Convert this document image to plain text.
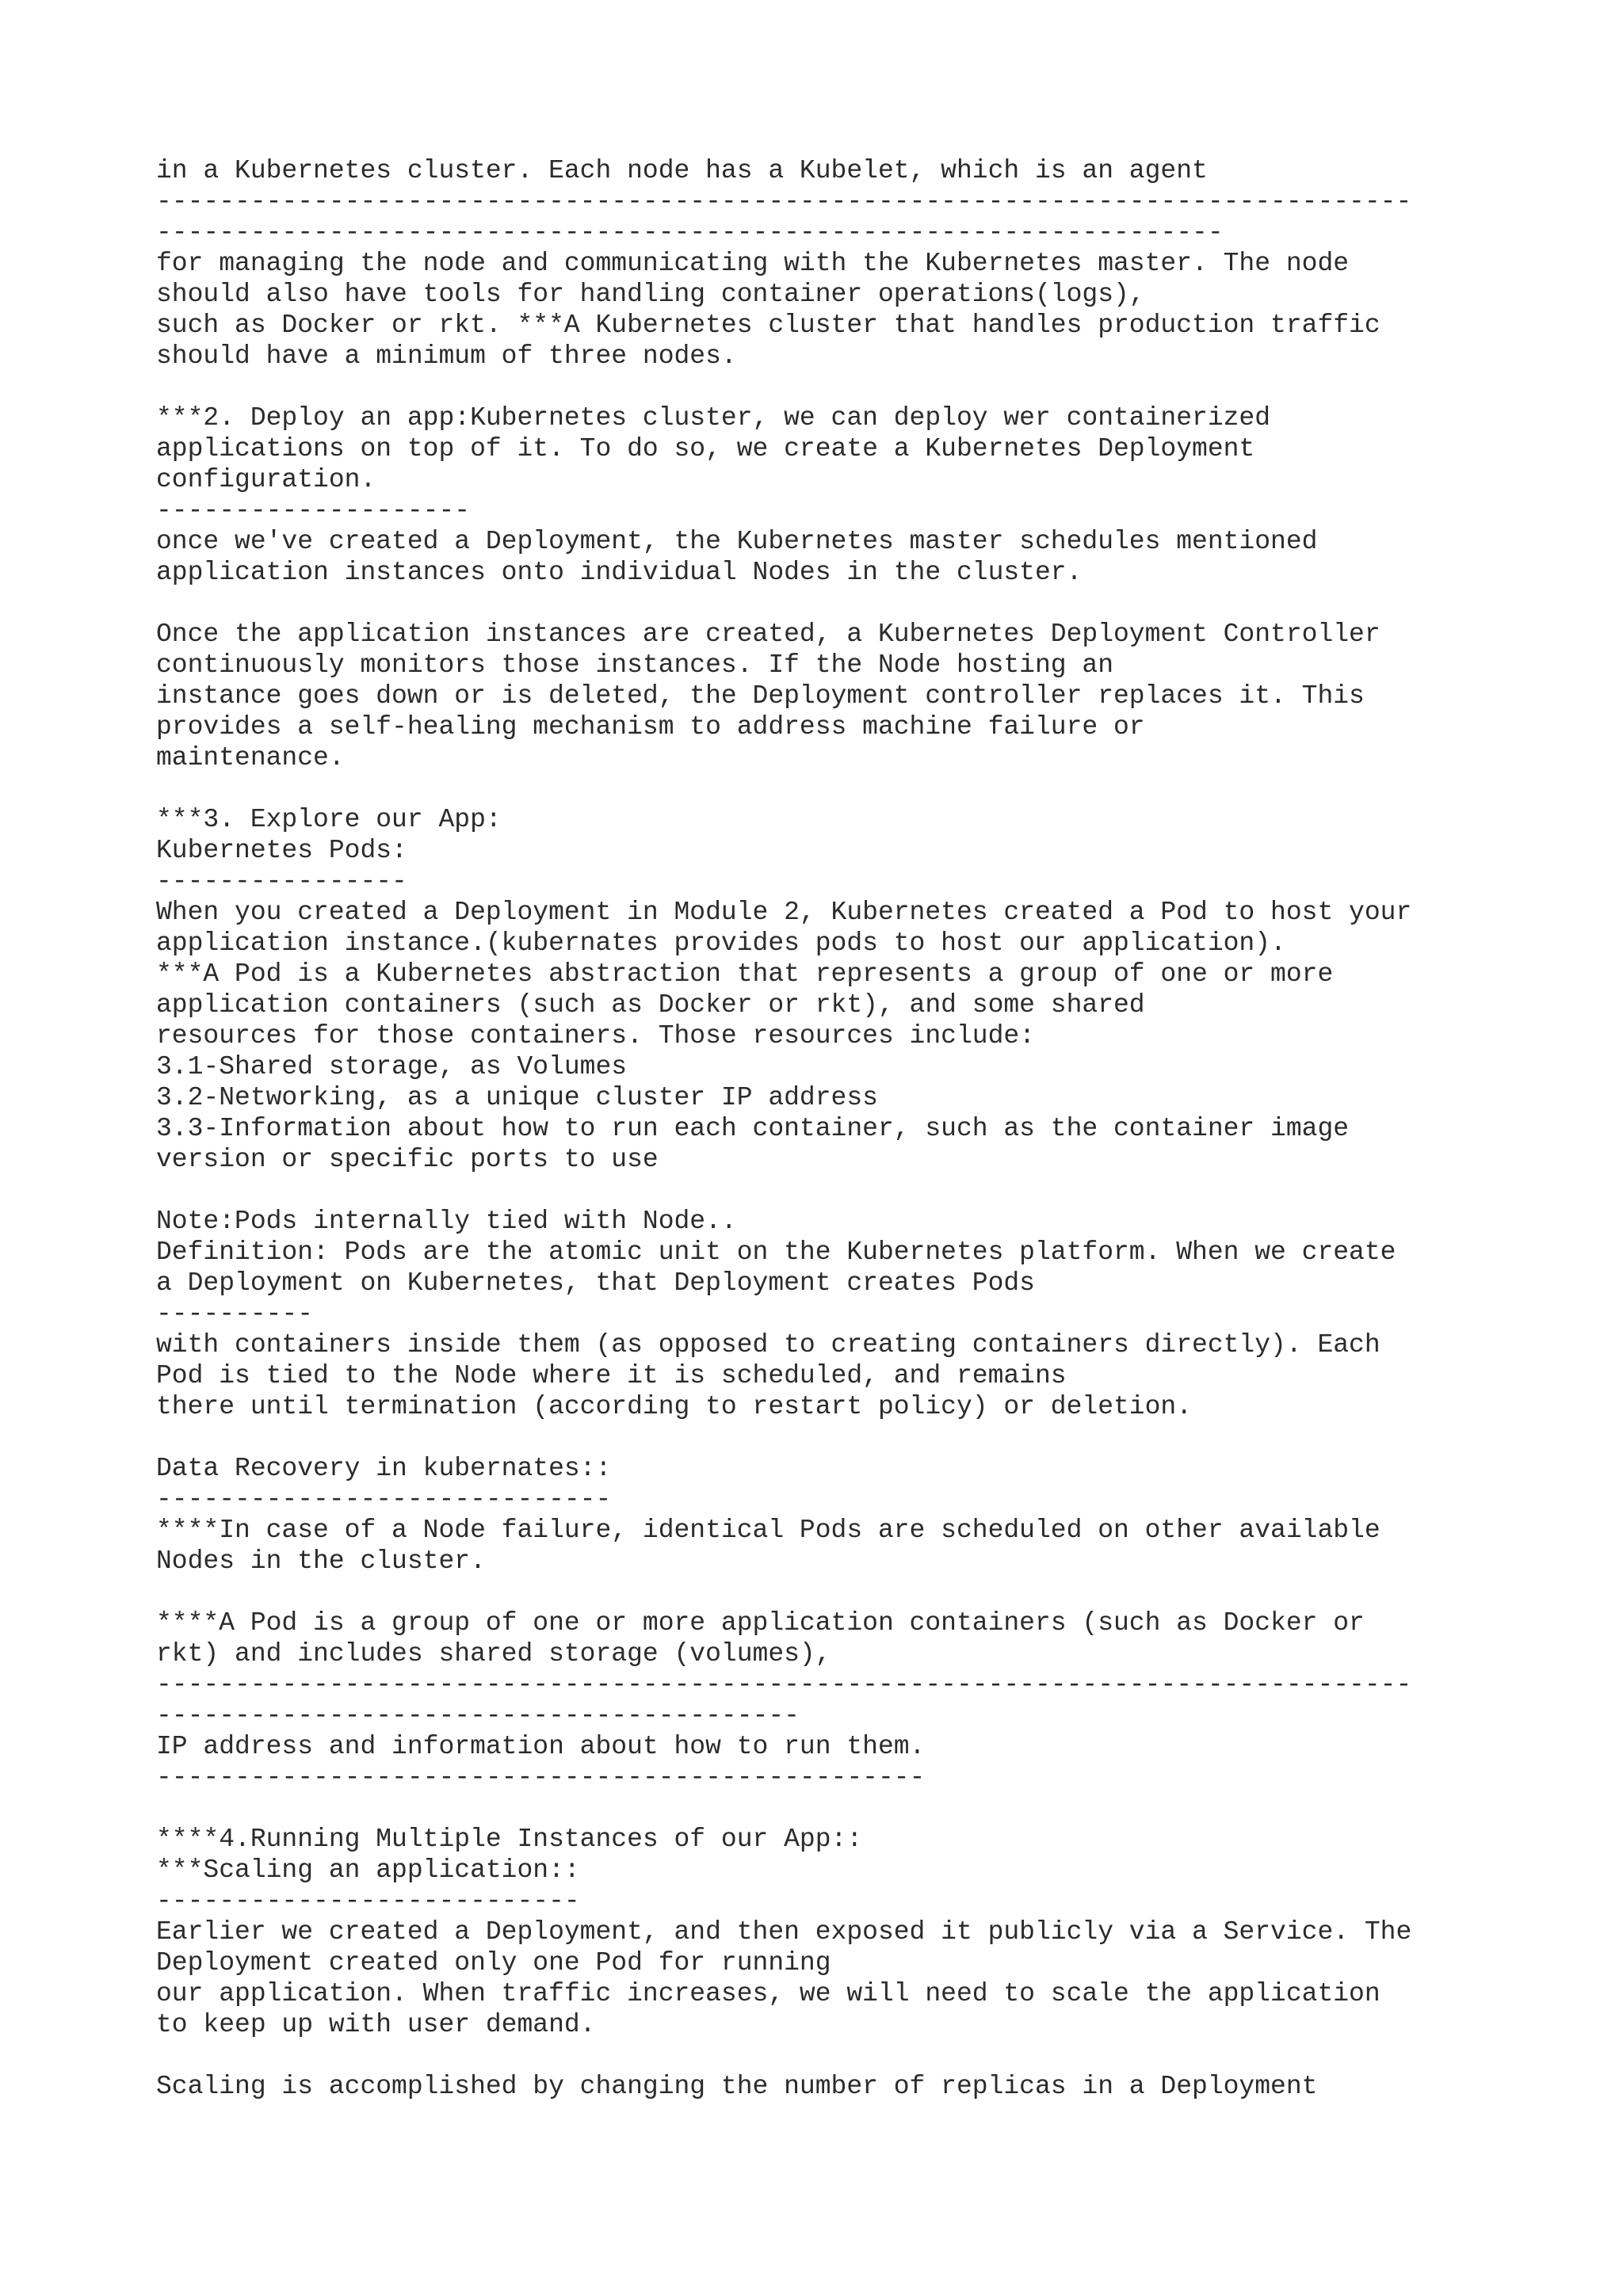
in a Kubernetes cluster. Each node has a Kubelet, which is an agent
--------------------------------------------------------------------------------
--------------------------------------------------------------------
for managing the node and communicating with the Kubernetes master. The node
should also have tools for handling container operations(logs),
such as Docker or rkt. ***A Kubernetes cluster that handles production traffic
should have a minimum of three nodes.
***2. Deploy an app:Kubernetes cluster, we can deploy wer containerized
applications on top of it. To do so, we create a Kubernetes Deployment
configuration.
--------------------
once we've created a Deployment, the Kubernetes master schedules mentioned
application instances onto individual Nodes in the cluster.
Once the application instances are created, a Kubernetes Deployment Controller
continuously monitors those instances. If the Node hosting an
instance goes down or is deleted, the Deployment controller replaces it. This
provides a self-healing mechanism to address machine failure or
maintenance.
***3. Explore our App:
Kubernetes Pods:
----------------
When you created a Deployment in Module 2, Kubernetes created a Pod to host your
application instance.(kubernates provides pods to host our application).
***A Pod is a Kubernetes abstraction that represents a group of one or more
application containers (such as Docker or rkt), and some shared
resources for those containers. Those resources include:
3.1-Shared storage, as Volumes
3.2-Networking, as a unique cluster IP address
3.3-Information about how to run each container, such as the container image
version or specific ports to use
Note:Pods internally tied with Node..
Definition: Pods are the atomic unit on the Kubernetes platform. When we create
a Deployment on Kubernetes, that Deployment creates Pods
----------
with containers inside them (as opposed to creating containers directly). Each
Pod is tied to the Node where it is scheduled, and remains
there until termination (according to restart policy) or deletion.
Data Recovery in kubernates::
-----------------------------
****In case of a Node failure, identical Pods are scheduled on other available
Nodes in the cluster.
****A Pod is a group of one or more application containers (such as Docker or
rkt) and includes shared storage (volumes),
--------------------------------------------------------------------------------
-----------------------------------------
IP address and information about how to run them.
-------------------------------------------------
****4.Running Multiple Instances of our App::
***Scaling an application::
---------------------------
Earlier we created a Deployment, and then exposed it publicly via a Service. The
Deployment created only one Pod for running
our application. When traffic increases, we will need to scale the application
to keep up with user demand.
Scaling is accomplished by changing the number of replicas in a Deployment
